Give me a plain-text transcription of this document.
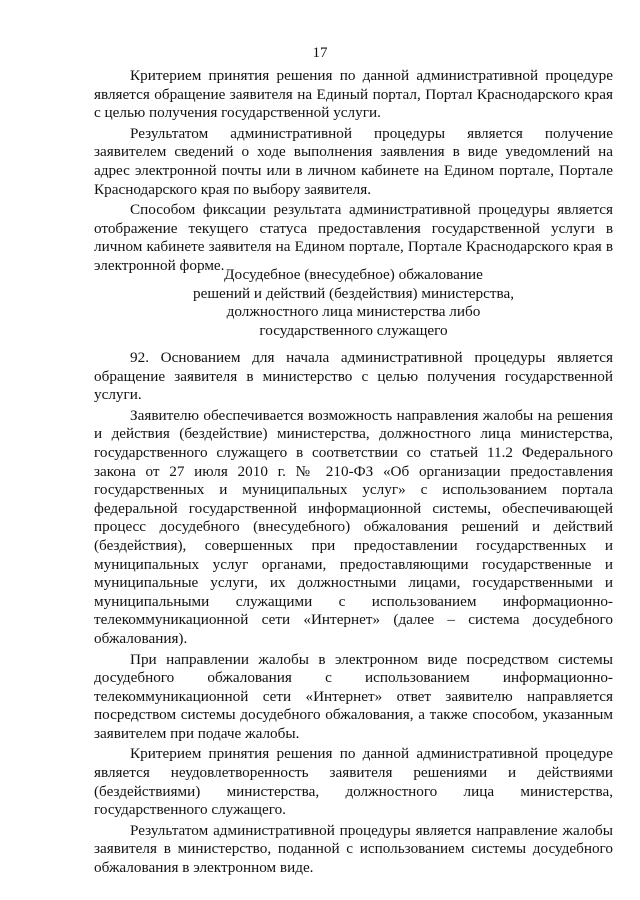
17

Критерием принятия решения по данной административной процедуре является обращение заявителя на Единый портал, Портал Краснодарского края с целью получения государственной услуги.

Результатом административной процедуры является получение заявителем сведений о ходе выполнения заявления в виде уведомлений на адрес электронной почты или в личном кабинете на Едином портале, Портале Краснодарского края по выбору заявителя.

Способом фиксации результата административной процедуры является отображение текущего статуса предоставления государственной услуги в личном кабинете заявителя на Едином портале, Портале Краснодарского края в электронной форме.

Досудебное (внесудебное) обжалование
решений и действий (бездействия) министерства,
должностного лица министерства либо
государственного служащего

92. Основанием для начала административной процедуры является обращение заявителя в министерство с целью получения государственной услуги.

Заявителю обеспечивается возможность направления жалобы на решения и действия (бездействие) министерства, должностного лица министерства, государственного служащего в соответствии со статьей 11.2 Федерального закона от 27 июля 2010 г. № 210-ФЗ «Об организации предоставления государственных и муниципальных услуг» с использованием портала федеральной государственной информационной системы, обеспечивающей процесс досудебного (внесудебного) обжалования решений и действий (бездействия), совершенных при предоставлении государственных и муниципальных услуг органами, предоставляющими государственные и муниципальные услуги, их должностными лицами, государственными и муниципальными служащими с использованием информационно-телекоммуникационной сети «Интернет» (далее – система досудебного обжалования).

При направлении жалобы в электронном виде посредством системы досудебного обжалования с использованием информационно-телекоммуникационной сети «Интернет» ответ заявителю направляется посредством системы досудебного обжалования, а также способом, указанным заявителем при подаче жалобы.

Критерием принятия решения по данной административной процедуре является неудовлетворенность заявителя решениями и действиями (бездействиями) министерства, должностного лица министерства, государственного служащего.

Результатом административной процедуры является направление жалобы заявителя в министерство, поданной с использованием системы досудебного обжалования в электронном виде.
